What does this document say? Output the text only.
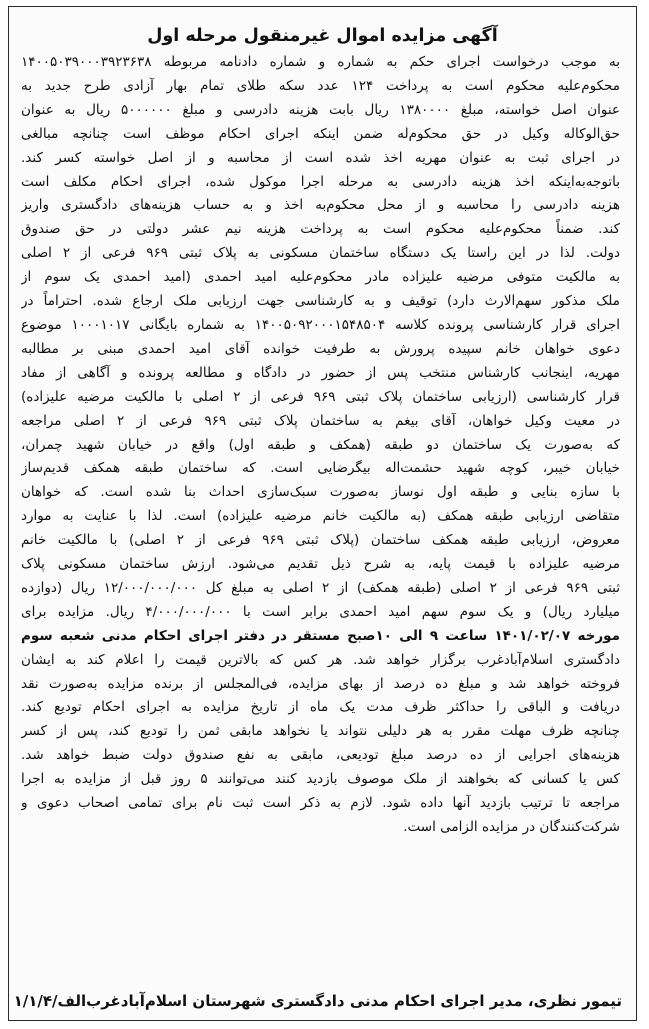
آگهی مزایده اموال غیرمنقول مرحله اول
به موجب درخواست اجرای حکم به شماره و شماره دادنامه مربوطه ۱۴۰۰۵۰۳۹۰۰۰۳۹۲۳۶۳۸
محکوم‌علیه محکوم است به پرداخت ۱۲۴ عدد سکه طلای تمام بهار آزادی طرح جدید به
عنوان اصل خواسته، مبلغ ۱۳۸۰۰۰۰ ریال بابت هزینه دادرسی و مبلغ ۵۰۰۰۰۰۰ ریال به عنوان
حق‌الوکاله وکیل در حق محکوم‌له ضمن اینکه اجرای احکام موظف است چنانچه مبالغی
در اجرای ثبت به عنوان مهریه اخذ شده است از محاسبه و از اصل خواسته کسر کند.
باتوجه‌به‌اینکه اخذ هزینه دادرسی به مرحله اجرا موکول شده، اجرای احکام مکلف است
هزینه دادرسی را محاسبه و از محل محکوم‌به اخذ و به حساب هزینه‌های دادگستری واریز
کند. ضمناً محکوم‌علیه محکوم است به پرداخت هزینه نیم عشر دولتی در حق صندوق
دولت. لذا در این راستا یک دستگاه ساختمان مسکونی به پلاک ثبتی ۹۶۹ فرعی از ۲ اصلی
به مالکیت متوفی مرضیه علیزاده مادر محکوم‌علیه امید احمدی (امید احمدی یک سوم از
ملک مذکور سهم‌الارث دارد) توقیف و به کارشناسی جهت ارزیابی ملک ارجاع شده. احتراماً در
اجرای قرار کارشناسی پرونده کلاسه ۱۴۰۰۵۰۹۲۰۰۰۱۵۴۸۵۰۴ به شماره بایگانی ۱۰۰۰۱۰۱۷ موضوع
دعوی خواهان خانم سپیده پرورش به طرفیت خوانده آقای امید احمدی مبنی بر مطالبه
مهریه، اینجانب کارشناس منتخب پس از حضور در دادگاه و مطالعه پرونده و آگاهی از مفاد
قرار کارشناسی (ارزیابی ساختمان پلاک ثبتی ۹۶۹ فرعی از ۲ اصلی با مالکیت مرضیه علیزاده)
در معیت وکیل خواهان، آقای بیغم به ساختمان پلاک ثبتی ۹۶۹ فرعی از ۲ اصلی مراجعه
که به‌صورت یک ساختمان دو طبقه (همکف و طبقه اول) واقع در خیابان شهید چمران،
خیابان خیبر، کوچه شهید حشمت‌اله بیگرضایی است. که ساختمان طبقه همکف قدیم‌ساز
با سازه بنایی و طبقه اول نوساز به‌صورت سبک‌سازی احداث بنا شده است. که خواهان
متقاضی ارزیابی طبقه همکف (به مالکیت خانم مرضیه علیزاده) است. لذا با عنایت به موارد
معروض، ارزیابی طبقه همکف ساختمان (پلاک ثبتی ۹۶۹ فرعی از ۲ اصلی) با مالکیت خانم
مرضیه علیزاده با قیمت پایه، به شرح ذیل تقدیم می‌شود. ارزش ساختمان مسکونی پلاک
ثبتی ۹۶۹ فرعی از ۲ اصلی (طبقه همکف) از ۲ اصلی به مبلغ کل ۱۲/۰۰۰/۰۰۰/۰۰۰ ریال (دوازده
میلیارد ریال) و یک سوم سهم امید احمدی برابر است با ۴/۰۰۰/۰۰۰/۰۰۰ ریال. مزایده برای
مورخه ۱۴۰۱/۰۲/۰۷ ساعت ۹ الی ۱۰صبح مستقر در دفتر اجرای احکام مدنی شعبه سوم
دادگستری اسلام‌آبادغرب برگزار خواهد شد. هر کس که بالاترین قیمت را اعلام کند به ایشان
فروخته خواهد شد و مبلغ ده درصد از بهای مزایده، فی‌المجلس از برنده مزایده به‌صورت نقد
دریافت و الباقی را حداکثر ظرف مدت یک ماه از تاریخ مزایده به اجرای احکام تودیع کند.
چنانچه ظرف مهلت مقرر به هر دلیلی نتواند یا نخواهد مابقی ثمن را تودیع کند، پس از کسر
هزینه‌های اجرایی از ده درصد مبلغ تودیعی، مابقی به نفع صندوق دولت ضبط خواهد شد.
کس یا کسانی که بخواهند از ملک موصوف بازدید کنند می‌توانند ۵ روز قبل از مزایده به اجرا
مراجعه تا ترتیب بازدید آنها داده شود. لازم به ذکر است ثبت نام برای تمامی اصحاب دعوی و
شرکت‌کنندگان در مزایده الزامی است.
تیمور نظری، مدیر اجرای احکام مدنی دادگستری شهرستان اسلام‌آبادغرب
۱/۱/۴/الف
